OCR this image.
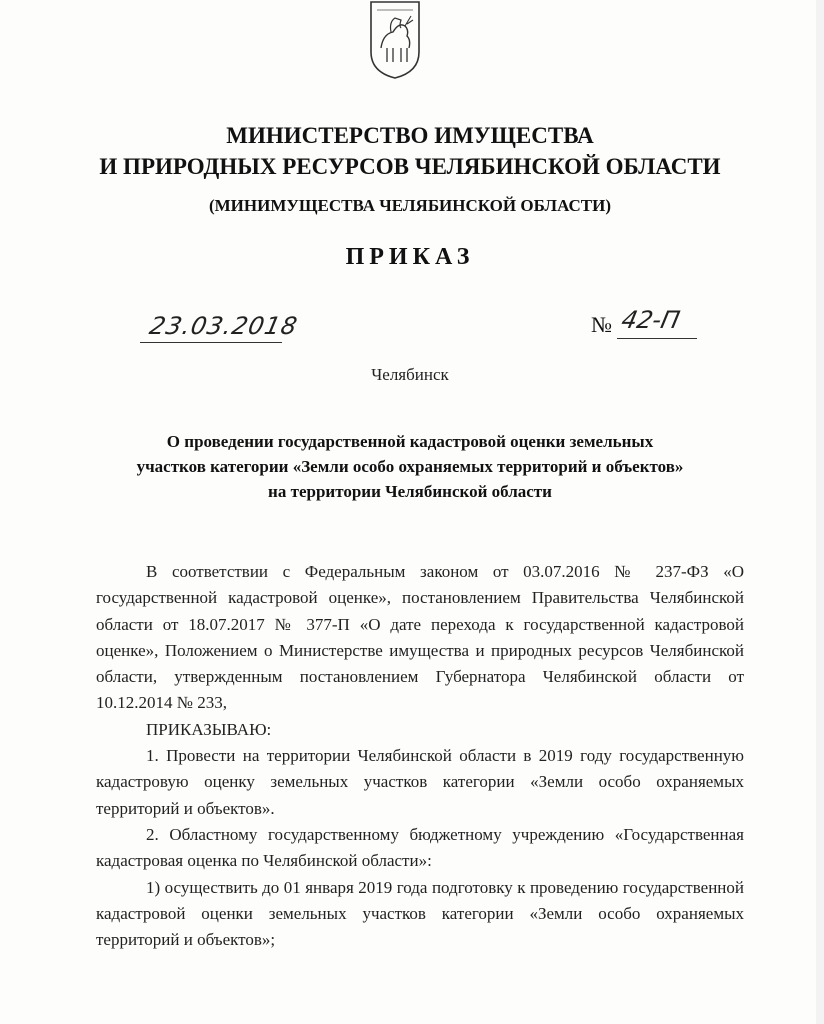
МИНИСТЕРСТВО ИМУЩЕСТВА
И ПРИРОДНЫХ РЕСУРСОВ ЧЕЛЯБИНСКОЙ ОБЛАСТИ
(МИНИМУЩЕСТВА ЧЕЛЯБИНСКОЙ ОБЛАСТИ)
ПРИКАЗ
23.03.2018	№ 42-П
Челябинск
О проведении государственной кадастровой оценки земельных
участков категории «Земли особо охраняемых территорий и объектов»
на территории Челябинской области

В соответствии с Федеральным законом от 03.07.2016 № 237-ФЗ «О государственной кадастровой оценке», постановлением Правительства Челябинской области от 18.07.2017 № 377-П «О дате перехода к государственной кадастровой оценке», Положением о Министерстве имущества и природных ресурсов Челябинской области, утвержденным постановлением Губернатора Челябинской области от 10.12.2014 № 233,

ПРИКАЗЫВАЮ:

1. Провести на территории Челябинской области в 2019 году государственную кадастровую оценку земельных участков категории «Земли особо охраняемых территорий и объектов».

2. Областному государственному бюджетному учреждению «Государственная кадастровая оценка по Челябинской области»:

1) осуществить до 01 января 2019 года подготовку к проведению государственной кадастровой оценки земельных участков категории «Земли особо охраняемых территорий и объектов»;
